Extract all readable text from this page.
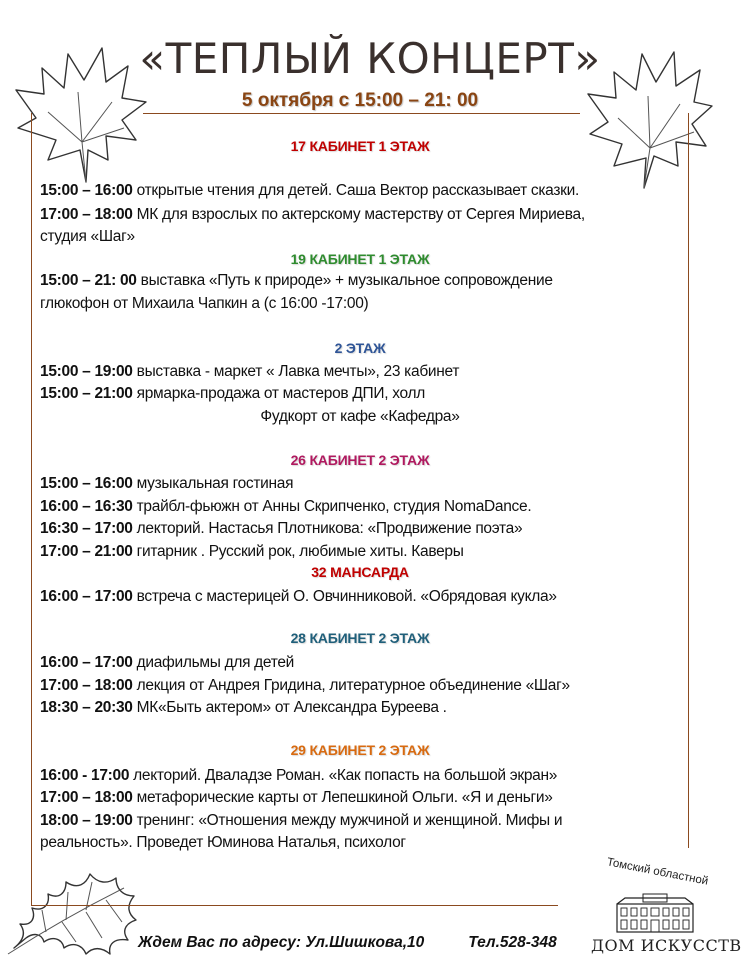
«ТЕПЛЫЙ КОНЦЕРТ»
5 октября с 15:00 – 21: 00
17 КАБИНЕТ 1 ЭТАЖ

15:00 – 16:00 открытые чтения для детей. Саша Вектор рассказывает сказки.

17:00 – 18:00 МК для взрослых по актерскому мастерству от Сергея Мириева,

студия «Шаг»

19 КАБИНЕТ 1 ЭТАЖ

15:00 – 21: 00 выставка «Путь к природе» + музыкальное сопровождение

глюкофон от Михаила Чапкин а (с 16:00 -17:00)

2 ЭТАЖ

15:00 – 19:00 выставка - маркет « Лавка мечты», 23 кабинет

15:00 – 21:00 ярмарка-продажа от мастеров ДПИ, холл

Фудкорт от кафе «Кафедра»

26 КАБИНЕТ 2 ЭТАЖ

15:00 – 16:00 музыкальная гостиная

16:00 – 16:30 трайбл-фьюжн от Анны Скрипченко, студия NomaDance.

16:30 – 17:00 лекторий. Настасья Плотникова: «Продвижение поэта»

17:00 – 21:00 гитарник . Русский рок, любимые хиты. Каверы

32 МАНСАРДА

16:00 – 17:00 встреча с мастерицей О. Овчинниковой. «Обрядовая кукла»

28 КАБИНЕТ 2 ЭТАЖ

16:00 – 17:00 диафильмы для детей

17:00 – 18:00 лекция от Андрея Гридина, литературное объединение «Шаг»

18:30 – 20:30 МК«Быть актером» от Александра Буреева .

29 КАБИНЕТ 2 ЭТАЖ

16:00 - 17:00 лекторий. Дваладзе Роман. «Как попасть на большой экран»

17:00 – 18:00 метафорические карты от Лепешкиной Ольги. «Я и деньги»

18:00 – 19:00 тренинг: «Отношения между мужчиной и женщиной. Мифы и

реальность». Проведет Юминова Наталья, психолог

Ждем Вас по адресу: Ул.Шишкова,10	Тел.528-348
Томский областной
ДОМ ИСКУССТВ
